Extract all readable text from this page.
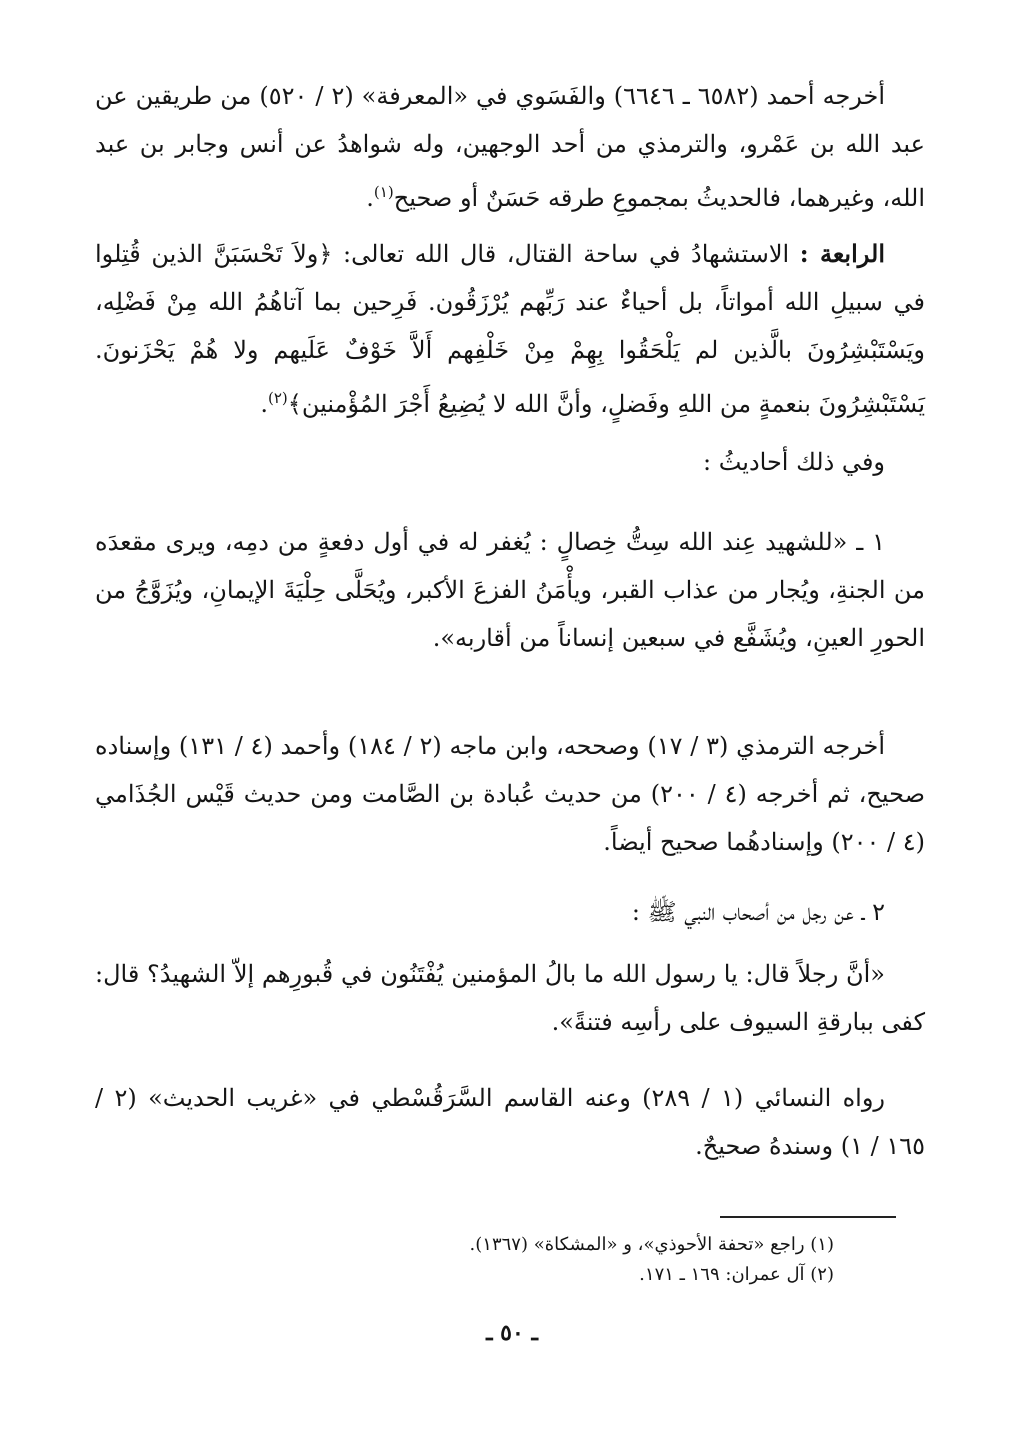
أخرجه أحمد (٦٥٨٢ ـ ٦٦٤٦) والفَسَوي في «المعرفة» (٢ / ٥٢٠) من طريقين عن عبد الله بن عَمْرو، والترمذي من أحد الوجهين، وله شواهدُ عن أنس وجابر بن عبد الله، وغيرهما، فالحديثُ بمجموعِ طرقه حَسَنٌ أو صحيح$^{(١)}$.

الرابعة : الاستشهادُ في ساحة القتال، قال الله تعالى: ﴿ولاَ تَحْسَبَنَّ الذين قُتِلوا في سبيلِ الله أمواتاً، بل أحياءٌ عند رَبِّهم يُرْزَقُون. فَرِحين بما آتاهُمُ الله مِنْ فَضْلِه، ويَسْتَبْشِرُونَ بالَّذين لم يَلْحَقُوا بِهِمْ مِنْ خَلْفِهم أَلاَّ خَوْفٌ عَلَيهم ولا هُمْ يَحْزَنونَ. يَسْتَبْشِرُونَ بنعمةٍ من اللهِ وفَضلٍ، وأنَّ الله لا يُضِيعُ أَجْرَ المُؤْمنين﴾$^{(٢)}$.

وفي ذلك أحاديثُ :

١ ـ «للشهيد عِند الله سِتُّ خِصالٍ : يُغفر له في أول دفعةٍ من دمِه، ويرى مقعدَه من الجنةِ، ويُجار من عذاب القبر، ويأْمَنُ الفزعَ الأكبر، ويُحَلَّى حِلْيَةَ الإيمانِ، ويُزَوَّجُ من الحورِ العينِ، ويُشَفَّع في سبعين إنساناً من أقاربه».

أخرجه الترمذي (٣ / ١٧) وصححه، وابن ماجه (٢ / ١٨٤) وأحمد (٤ / ١٣١) وإسناده صحيح، ثم أخرجه (٤ / ٢٠٠) من حديث عُبادة بن الصَّامت ومن حديث قَيْس الجُذَامي (٤ / ٢٠٠) وإسنادهُما صحيح أيضاً.

٢ ـ عن رجل من أصحاب النبي ﷺ :

«أنَّ رجلاً قال: يا رسول الله ما بالُ المؤمنين يُفْتَنُون في قُبورِهم إلاّ الشهيدُ؟ قال: كفى ببارقةِ السيوف على رأسِه فتنةً».

رواه النسائي (١ / ٢٨٩) وعنه القاسم السَّرَقُسْطي في «غريب الحديث» (٢ / ١٦٥ / ١) وسندهُ صحيحٌ.

(١) راجع «تحفة الأحوذي»، و «المشكاة» (١٣٦٧).
(٢) آل عمران: ١٦٩ ـ ١٧١.
ـ ٥٠ ـ
